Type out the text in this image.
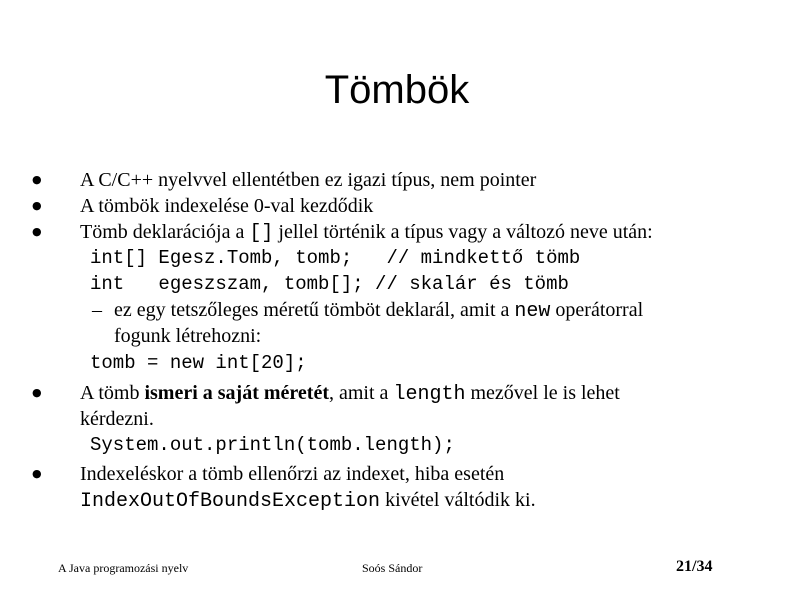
Tömbök
●
●
●
●
●
A C/C++ nyelvvel ellentétben ez igazi típus, nem pointer
A tömbök indexelése 0-val kezdődik
Tömb deklarációja a [] jellel történik a típus vagy a változó neve után:
int[] Egesz.Tomb, tomb;   // mindkettő tömb
int   egeszszam, tomb[]; // skalár és tömb
– ez egy tetszőleges méretű tömböt deklarál, amit a new operátorral
fogunk létrehozni:
tomb = new int[20];
A tömb ismeri a saját méretét, amit a length mezővel le is lehet
kérdezni.
System.out.println(tomb.length);
Indexeléskor a tömb ellenőrzi az indexet, hiba esetén
IndexOutOfBoundsException kivétel váltódik ki.
A Java programozási nyelv	Soós Sándor	21/34
